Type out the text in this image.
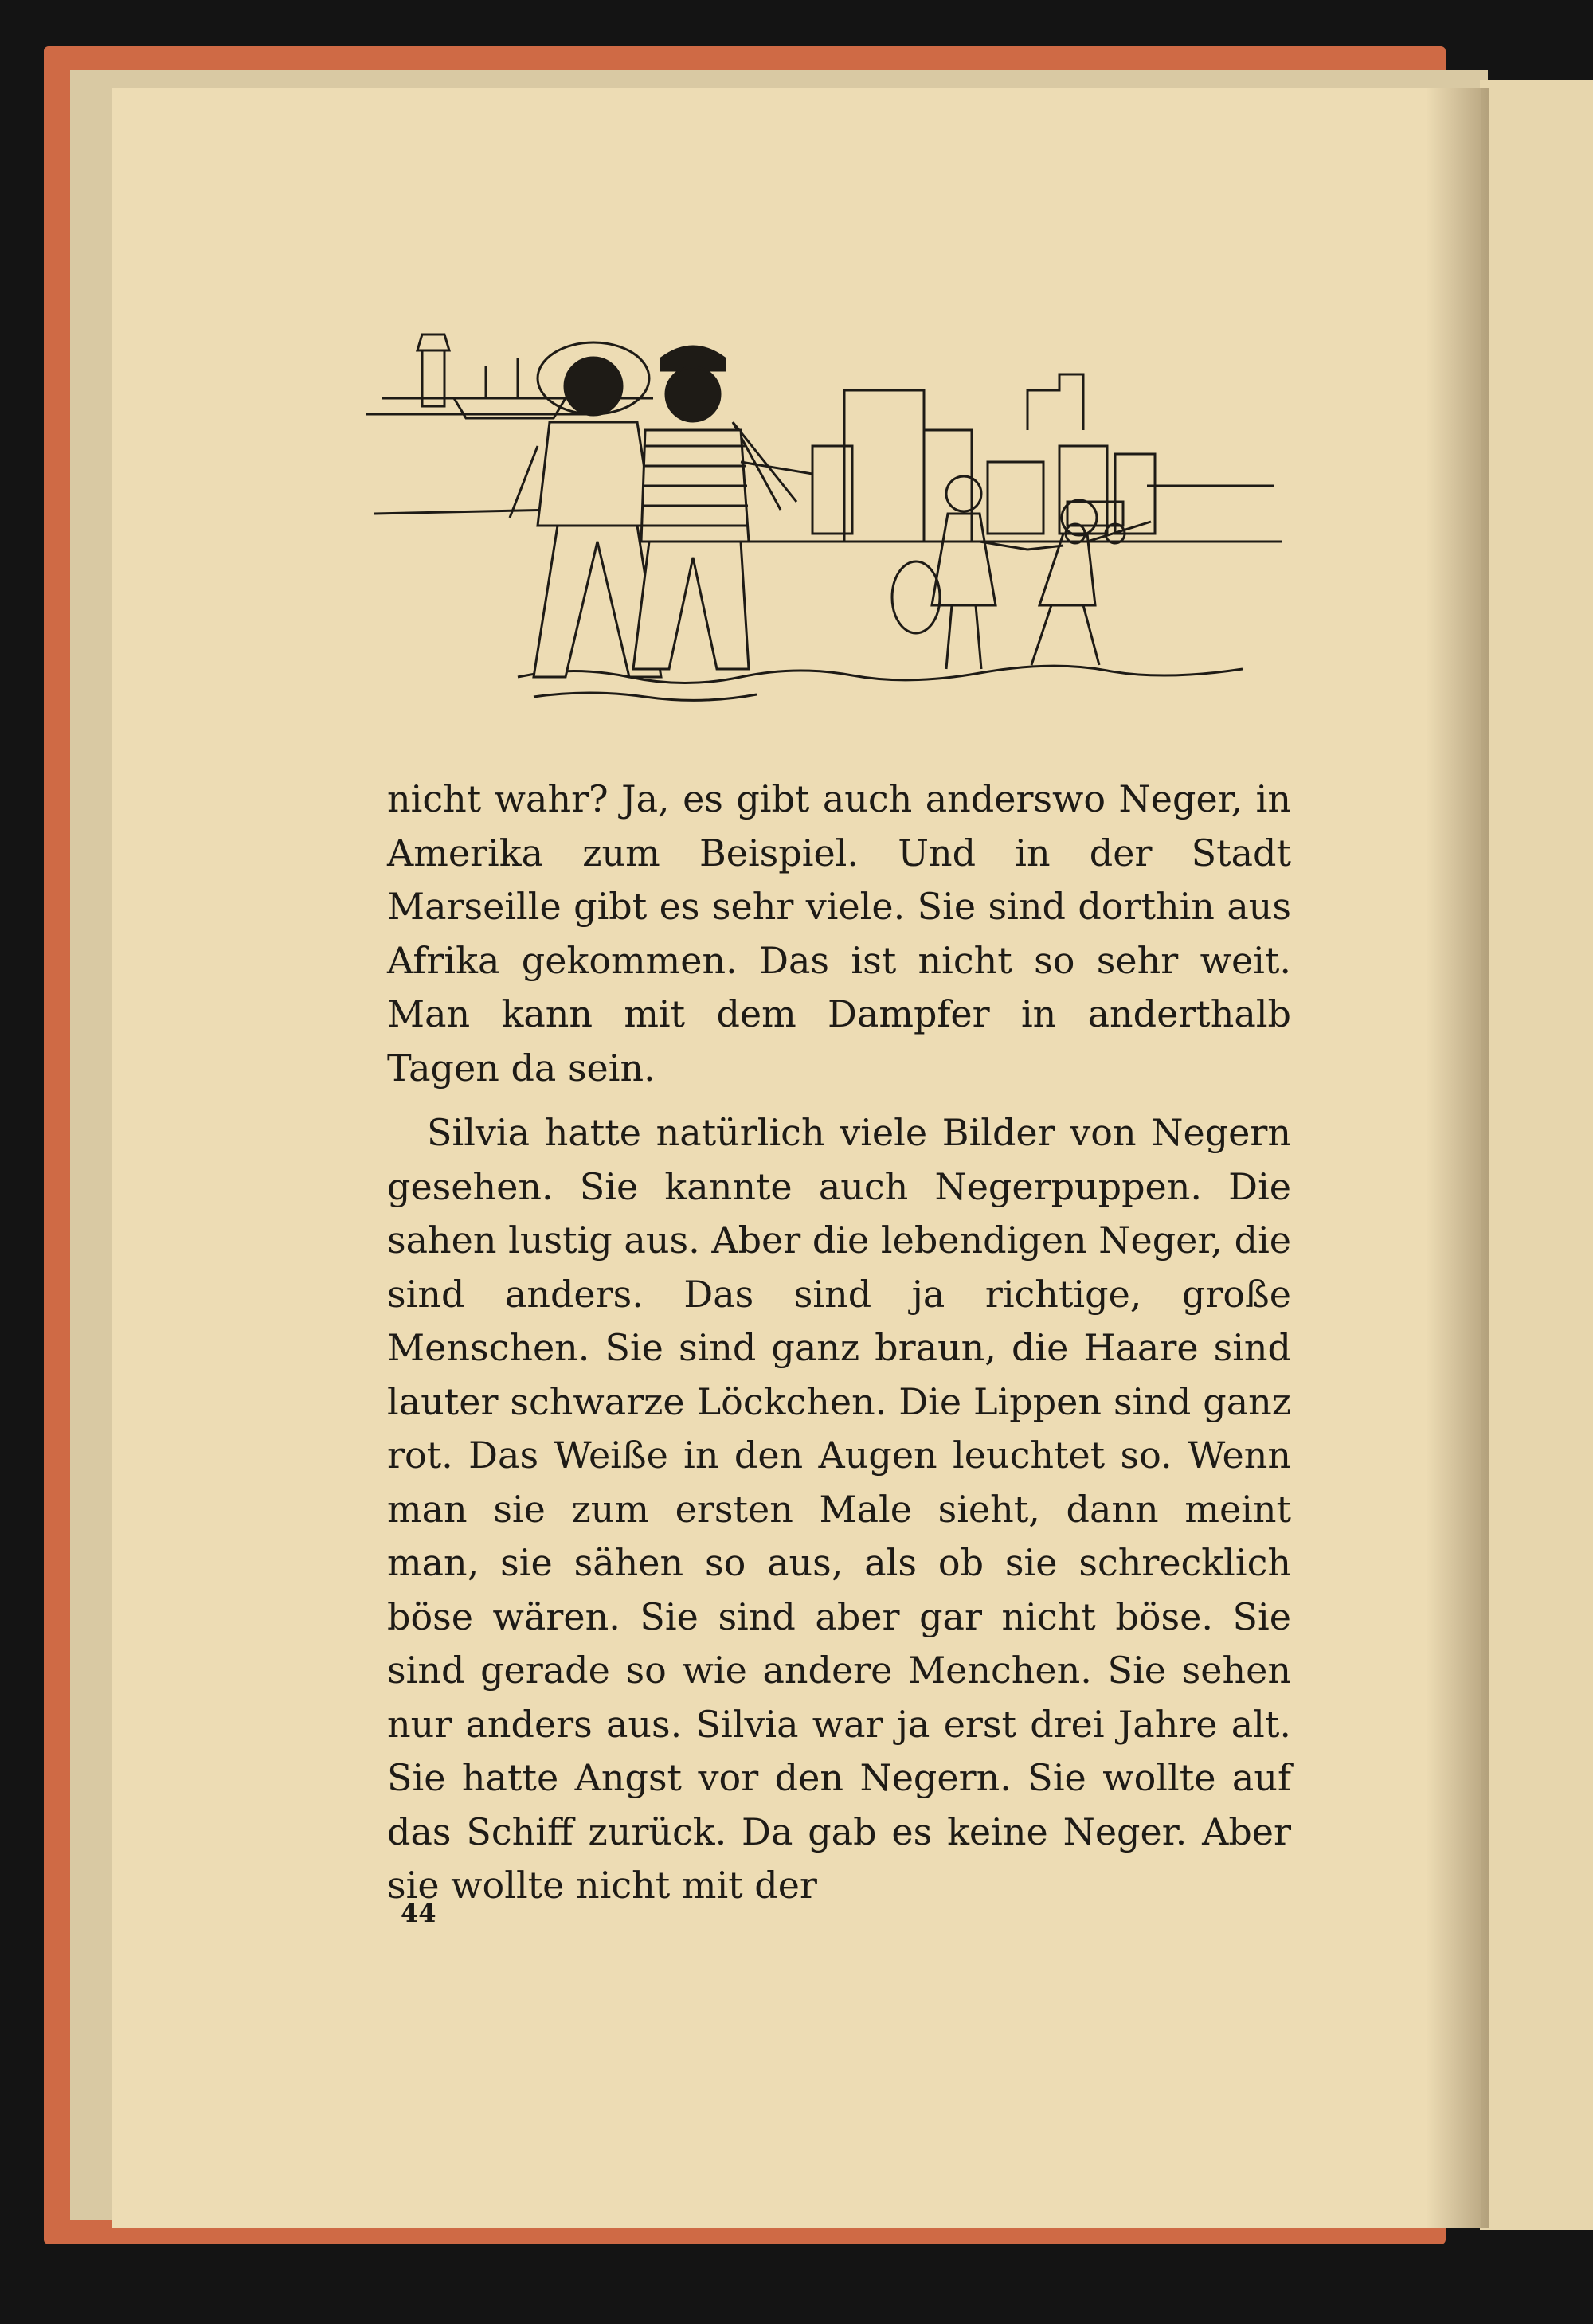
nicht wahr? Ja, es gibt auch anderswo Neger, in Amerika zum Beispiel. Und in der Stadt Marseille gibt es sehr viele. Sie sind dorthin aus Afrika gekommen. Das ist nicht so sehr weit. Man kann mit dem Dampfer in anderthalb Tagen da sein.

Silvia hatte natürlich viele Bilder von Negern gesehen. Sie kannte auch Negerpuppen. Die sahen lustig aus. Aber die lebendigen Neger, die sind anders. Das sind ja richtige, große Menschen. Sie sind ganz braun, die Haare sind lauter schwarze Löckchen. Die Lippen sind ganz rot. Das Weiße in den Augen leuchtet so. Wenn man sie zum ersten Male sieht, dann meint man, sie sähen so aus, als ob sie schrecklich böse wären. Sie sind aber gar nicht böse. Sie sind gerade so wie andere Menchen. Sie sehen nur anders aus. Silvia war ja erst drei Jahre alt. Sie hatte Angst vor den Negern. Sie wollte auf das Schiff zurück. Da gab es keine Neger. Aber sie wollte nicht mit der

44
